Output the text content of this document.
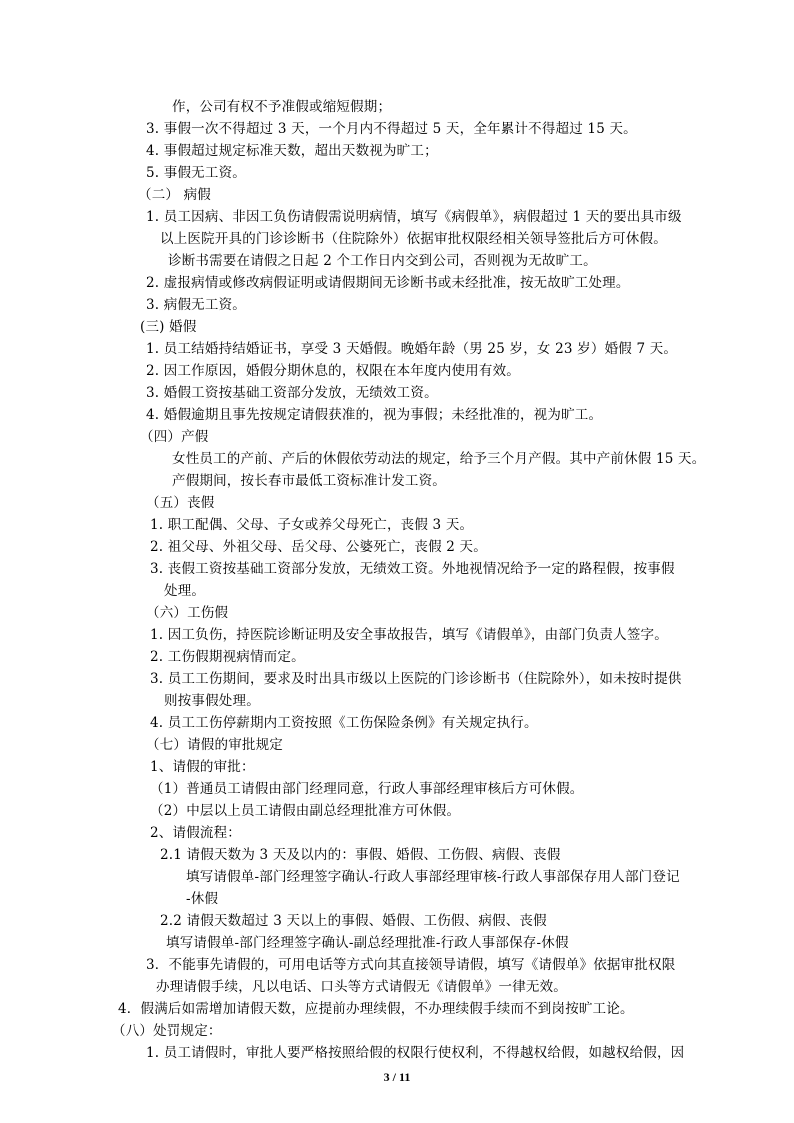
作，公司有权不予准假或缩短假期；
3. 事假一次不得超过 3 天，一个月内不得超过 5 天，全年累计不得超过 15 天。
4. 事假超过规定标准天数，超出天数视为旷工；
5. 事假无工资。
（二） 病假
1. 员工因病、非因工负伤请假需说明病情，填写《病假单》，病假超过 1 天的要出具市级
以上医院开具的门诊诊断书（住院除外）依据审批权限经相关领导签批后方可休假。
诊断书需要在请假之日起 2 个工作日内交到公司，否则视为无故旷工。
2. 虚报病情或修改病假证明或请假期间无诊断书或未经批准，按无故旷工处理。
3. 病假无工资。
(三) 婚假
1. 员工结婚持结婚证书，享受 3 天婚假。晚婚年龄（男 25 岁，女 23 岁）婚假 7 天。
2. 因工作原因，婚假分期休息的，权限在本年度内使用有效。
3. 婚假工资按基础工资部分发放，无绩效工资。
4. 婚假逾期且事先按规定请假获准的，视为事假；未经批准的，视为旷工。
（四）产假
女性员工的产前、产后的休假依劳动法的规定，给予三个月产假。其中产前休假 15 天。
产假期间，按长春市最低工资标准计发工资。
（五）丧假
1. 职工配偶、父母、子女或养父母死亡，丧假 3 天。
2. 祖父母、外祖父母、岳父母、公婆死亡，丧假 2 天。
3. 丧假工资按基础工资部分发放，无绩效工资。外地视情况给予一定的路程假，按事假
处理。
（六）工伤假
1. 因工负伤，持医院诊断证明及安全事故报告，填写《请假单》，由部门负责人签字。
2. 工伤假期视病情而定。
3. 员工工伤期间，要求及时出具市级以上医院的门诊诊断书（住院除外），如未按时提供
则按事假处理。
4. 员工工伤停薪期内工资按照《工伤保险条例》有关规定执行。
（七）请假的审批规定
1、请假的审批：
（1）普通员工请假由部门经理同意，行政人事部经理审核后方可休假。
（2）中层以上员工请假由副总经理批准方可休假。
2、请假流程：
2.1 请假天数为 3 天及以内的：事假、婚假、工伤假、病假、丧假
填写请假单-部门经理签字确认-行政人事部经理审核-行政人事部保存用人部门登记
-休假
2.2 请假天数超过 3 天以上的事假、婚假、工伤假、病假、丧假
填写请假单-部门经理签字确认-副总经理批准-行政人事部保存-休假
3．不能事先请假的，可用电话等方式向其直接领导请假，填写《请假单》依据审批权限
办理请假手续，凡以电话、口头等方式请假无《请假单》一律无效。
4．假满后如需增加请假天数，应提前办理续假，不办理续假手续而不到岗按旷工论。
（八）处罚规定：
1. 员工请假时，审批人要严格按照给假的权限行使权利，不得越权给假，如越权给假，因
3 / 11
